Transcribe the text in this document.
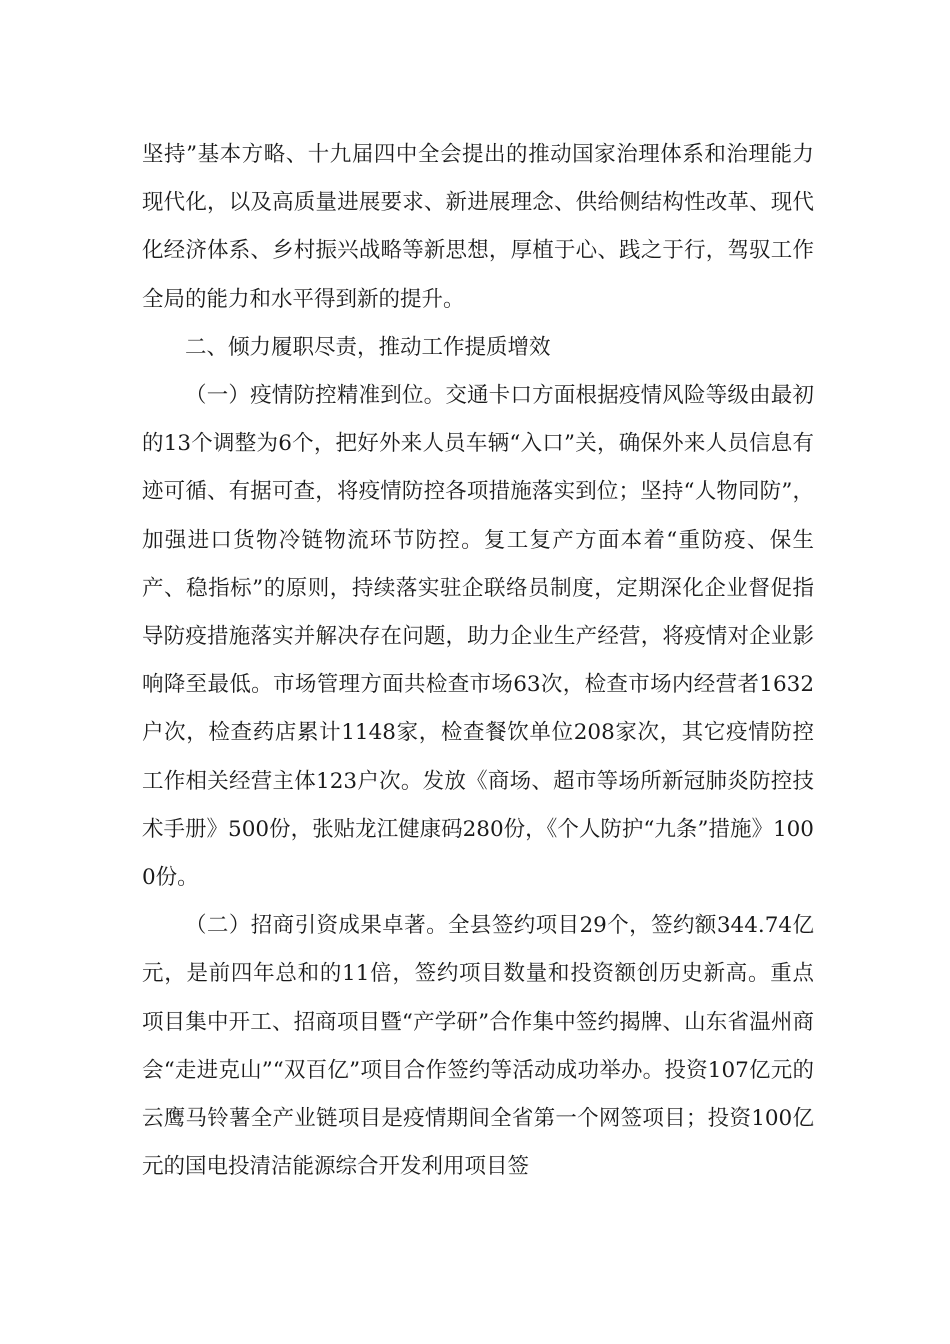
坚持”基本方略、十九届四中全会提出的推动国家治理体系和治理能力现代化，以及高质量进展要求、新进展理念、供给侧结构性改革、现代化经济体系、乡村振兴战略等新思想，厚植于心、践之于行，驾驭工作全局的能力和水平得到新的提升。

二、倾力履职尽责，推动工作提质增效

（一）疫情防控精准到位。交通卡口方面根据疫情风险等级由最初的13个调整为6个，把好外来人员车辆“入口”关，确保外来人员信息有迹可循、有据可查，将疫情防控各项措施落实到位；坚持“人物同防”，加强进口货物冷链物流环节防控。复工复产方面本着“重防疫、保生产、稳指标”的原则，持续落实驻企联络员制度，定期深化企业督促指导防疫措施落实并解决存在问题，助力企业生产经营，将疫情对企业影响降至最低。市场管理方面共检查市场63次，检查市场内经营者1632户次，检查药店累计1148家，检查餐饮单位208家次，其它疫情防控工作相关经营主体123户次。发放《商场、超市等场所新冠肺炎防控技术手册》500份，张贴龙江健康码280份，《个人防护“九条”措施》1000份。

（二）招商引资成果卓著。全县签约项目29个，签约额344.74亿元，是前四年总和的11倍，签约项目数量和投资额创历史新高。重点项目集中开工、招商项目暨“产学研”合作集中签约揭牌、山东省温州商会“走进克山”“双百亿”项目合作签约等活动成功举办。投资107亿元的云鹰马铃薯全产业链项目是疫情期间全省第一个网签项目；投资100亿元的国电投清洁能源综合开发利用项目签
